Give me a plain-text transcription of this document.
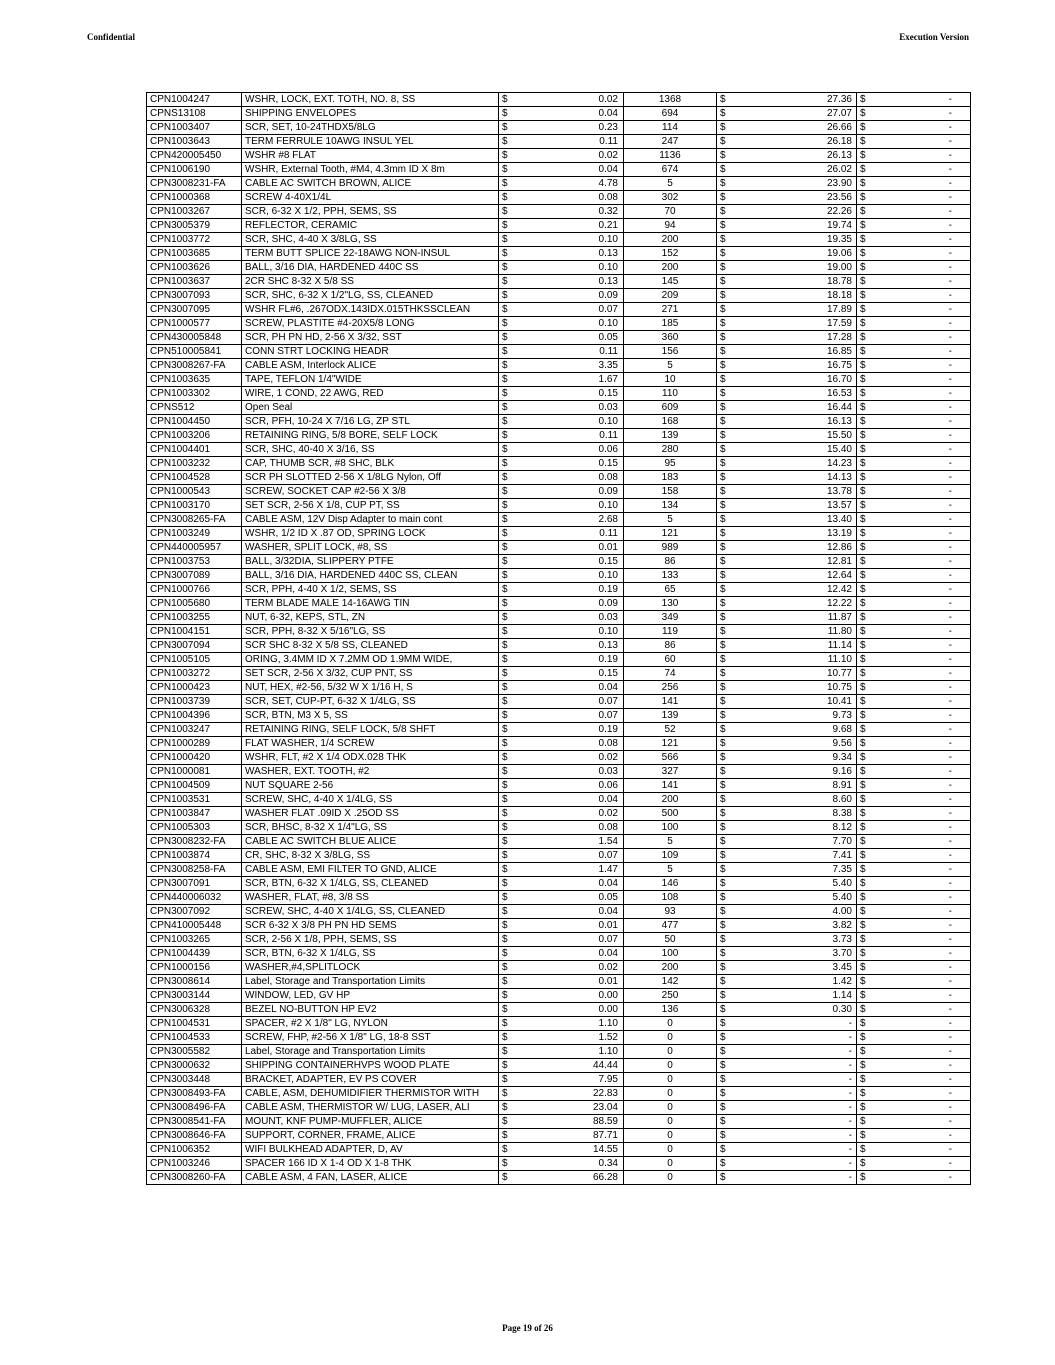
Confidential	Execution Version
CPN1004247	WSHR, LOCK, EXT. TOTH, NO. 8, SS	$	0.02	1368	$	27.36	$	-
CPNS13108	SHIPPING ENVELOPES	$	0.04	694	$	27.07	$	-
CPN1003407	SCR, SET, 10-24THDX5/8LG	$	0.23	114	$	26.66	$	-
CPN1003643	TERM FERRULE 10AWG INSUL YEL	$	0.11	247	$	26.18	$	-
CPN420005450	WSHR #8 FLAT	$	0.02	1136	$	26.13	$	-
CPN1006190	WSHR, External Tooth, #M4, 4.3mm ID X 8m	$	0.04	674	$	26.02	$	-
CPN3008231-FA	CABLE AC SWITCH BROWN, ALICE	$	4.78	5	$	23.90	$	-
CPN1000368	SCREW 4-40X1/4L	$	0.08	302	$	23.56	$	-
CPN1003267	SCR, 6-32 X 1/2, PPH, SEMS, SS	$	0.32	70	$	22.26	$	-
CPN3005379	REFLECTOR, CERAMIC	$	0.21	94	$	19.74	$	-
CPN1003772	SCR, SHC, 4-40 X 3/8LG, SS	$	0.10	200	$	19.35	$	-
CPN1003685	TERM BUTT SPLICE 22-18AWG NON-INSUL	$	0.13	152	$	19.06	$	-
CPN1003626	BALL, 3/16 DIA, HARDENED 440C SS	$	0.10	200	$	19.00	$	-
CPN1003637	2CR SHC 8-32 X 5/8 SS	$	0.13	145	$	18.78	$	-
CPN3007093	SCR, SHC, 6-32 X 1/2"LG, SS, CLEANED	$	0.09	209	$	18.18	$	-
CPN3007095	WSHR FL#6, .267ODX.143IDX.015THKSSCLEAN	$	0.07	271	$	17.89	$	-
CPN1000577	SCREW, PLASTITE #4-20X5/8 LONG	$	0.10	185	$	17.59	$	-
CPN430005848	SCR, PH PN HD, 2-56 X 3/32, SST	$	0.05	360	$	17.28	$	-
CPN510005841	CONN STRT LOCKING HEADR	$	0.11	156	$	16.85	$	-
CPN3008267-FA	CABLE ASM, Interlock ALICE	$	3.35	5	$	16.75	$	-
CPN1003635	TAPE, TEFLON 1/4"WIDE	$	1.67	10	$	16.70	$	-
CPN1003302	WIRE, 1 COND, 22 AWG, RED	$	0.15	110	$	16.53	$	-
CPNS512	Open Seal	$	0.03	609	$	16.44	$	-
CPN1004450	SCR, PFH, 10-24 X 7/16 LG, ZP STL	$	0.10	168	$	16.13	$	-
CPN1003206	RETAINING RING, 5/8 BORE, SELF LOCK	$	0.11	139	$	15.50	$	-
CPN1004401	SCR, SHC, 40-40 X 3/16, SS	$	0.06	280	$	15.40	$	-
CPN1003232	CAP, THUMB SCR, #8 SHC, BLK	$	0.15	95	$	14.23	$	-
CPN1004528	SCR PH SLOTTED 2-56 X 1/8LG Nylon, Off	$	0.08	183	$	14.13	$	-
CPN1000543	SCREW, SOCKET CAP #2-56 X 3/8	$	0.09	158	$	13.78	$	-
CPN1003170	SET SCR, 2-56 X 1/8, CUP PT, SS	$	0.10	134	$	13.57	$	-
CPN3008265-FA	CABLE ASM, 12V Disp Adapter to main cont	$	2.68	5	$	13.40	$	-
CPN1003249	WSHR, 1/2 ID X .87 OD, SPRING LOCK	$	0.11	121	$	13.19	$	-
CPN440005957	WASHER, SPLIT LOCK, #8, SS	$	0.01	989	$	12.86	$	-
CPN1003753	BALL, 3/32DIA, SLIPPERY PTFE	$	0.15	86	$	12.81	$	-
CPN3007089	BALL, 3/16 DIA, HARDENED 440C SS, CLEAN	$	0.10	133	$	12.64	$	-
CPN1000766	SCR, PPH, 4-40 X 1/2, SEMS, SS	$	0.19	65	$	12.42	$	-
CPN1005680	TERM BLADE MALE 14-16AWG TIN	$	0.09	130	$	12.22	$	-
CPN1003255	NUT, 6-32, KEPS, STL, ZN	$	0.03	349	$	11.87	$	-
CPN1004151	SCR, PPH, 8-32 X 5/16"LG, SS	$	0.10	119	$	11.80	$	-
CPN3007094	SCR SHC 8-32 X 5/8 SS, CLEANED	$	0.13	86	$	11.14	$	-
CPN1005105	ORING, 3.4MM ID X 7.2MM OD 1.9MM WIDE,	$	0.19	60	$	11.10	$	-
CPN1003272	SET SCR, 2-56 X 3/32, CUP PNT, SS	$	0.15	74	$	10.77	$	-
CPN1000423	NUT, HEX, #2-56, 5/32 W X 1/16 H, S	$	0.04	256	$	10.75	$	-
CPN1003739	SCR, SET, CUP-PT, 6-32 X 1/4LG, SS	$	0.07	141	$	10.41	$	-
CPN1004396	SCR, BTN, M3 X 5, SS	$	0.07	139	$	9.73	$	-
CPN1003247	RETAINING RING, SELF LOCK, 5/8 SHFT	$	0.19	52	$	9.68	$	-
CPN1000289	FLAT WASHER, 1/4 SCREW	$	0.08	121	$	9.56	$	-
CPN1000420	WSHR, FLT, #2 X 1/4 ODX.028 THK	$	0.02	566	$	9.34	$	-
CPN1000081	WASHER, EXT. TOOTH, #2	$	0.03	327	$	9.16	$	-
CPN1004509	NUT SQUARE 2-56	$	0.06	141	$	8.91	$	-
CPN1003531	SCREW, SHC, 4-40 X 1/4LG, SS	$	0.04	200	$	8.60	$	-
CPN1003847	WASHER FLAT .09ID X .25OD SS	$	0.02	500	$	8.38	$	-
CPN1005303	SCR, BHSC, 8-32 X 1/4"LG, SS	$	0.08	100	$	8.12	$	-
CPN3008232-FA	CABLE AC SWITCH BLUE ALICE	$	1.54	5	$	7.70	$	-
CPN1003874	CR, SHC, 8-32 X 3/8LG, SS	$	0.07	109	$	7.41	$	-
CPN3008258-FA	CABLE ASM, EMI FILTER TO GND, ALICE	$	1.47	5	$	7.35	$	-
CPN3007091	SCR, BTN, 6-32 X 1/4LG, SS, CLEANED	$	0.04	146	$	5.40	$	-
CPN440006032	WASHER, FLAT, #8, 3/8 SS	$	0.05	108	$	5.40	$	-
CPN3007092	SCREW, SHC, 4-40 X 1/4LG, SS, CLEANED	$	0.04	93	$	4.00	$	-
CPN410005448	SCR 6-32 X 3/8 PH PN HD SEMS	$	0.01	477	$	3.82	$	-
CPN1003265	SCR, 2-56 X 1/8, PPH, SEMS, SS	$	0.07	50	$	3.73	$	-
CPN1004439	SCR, BTN, 6-32 X 1/4LG, SS	$	0.04	100	$	3.70	$	-
CPN1000156	WASHER,#4,SPLITLOCK	$	0.02	200	$	3.45	$	-
CPN3008614	Label, Storage and Transportation Limits	$	0.01	142	$	1.42	$	-
CPN3003144	WINDOW, LED, GV HP	$	0.00	250	$	1.14	$	-
CPN3006328	BEZEL NO-BUTTON HP EV2	$	0.00	136	$	0.30	$	-
CPN1004531	SPACER, #2 X 1/8" LG, NYLON	$	1.10	0	$	-	$	-
CPN1004533	SCREW, FHP, #2-56 X 1/8" LG, 18-8 SST	$	1.52	0	$	-	$	-
CPN3005582	Label, Storage and Transportation Limits	$	1.10	0	$	-	$	-
CPN3000632	SHIPPING CONTAINERHVPS WOOD PLATE	$	44.44	0	$	-	$	-
CPN3003448	BRACKET, ADAPTER, EV PS COVER	$	7.95	0	$	-	$	-
CPN3008493-FA	CABLE, ASM, DEHUMIDIFIER THERMISTOR WITH	$	22.83	0	$	-	$	-
CPN3008496-FA	CABLE ASM, THERMISTOR W/ LUG, LASER, ALI	$	23.04	0	$	-	$	-
CPN3008541-FA	MOUNT, KNF PUMP-MUFFLER, ALICE	$	88.59	0	$	-	$	-
CPN3008646-FA	SUPPORT, CORNER, FRAME, ALICE	$	87.71	0	$	-	$	-
CPN1006352	WIFI BULKHEAD ADAPTER, D, AV	$	14.55	0	$	-	$	-
CPN1003246	SPACER 166 ID X 1-4 OD X 1-8 THK	$	0.34	0	$	-	$	-
CPN3008260-FA	CABLE ASM, 4 FAN, LASER, ALICE	$	66.28	0	$	-	$	-
Page 19 of 26
